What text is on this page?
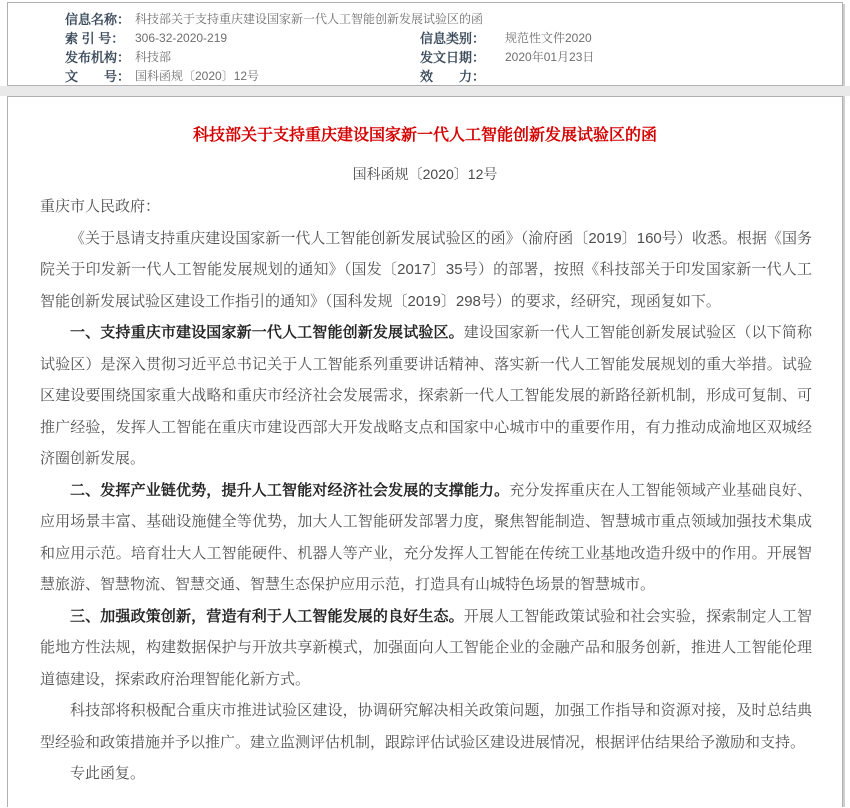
信息名称： 科技部关于支持重庆建设国家新一代人工智能创新发展试验区的函
索 引 号： 306-32-2020-219	信息类别：	规范性文件2020
发布机构： 科技部	发文日期：	2020年01月23日
文　　号： 国科函规〔2020〕12号	效　　力：
科技部关于支持重庆建设国家新一代人工智能创新发展试验区的函
国科函规〔2020〕12号

重庆市人民政府：

《关于恳请支持重庆建设国家新一代人工智能创新发展试验区的函》（渝府函〔2019〕160号）收悉。根据《国务院关于印发新一代人工智能发展规划的通知》（国发〔2017〕35号）的部署，按照《科技部关于印发国家新一代人工智能创新发展试验区建设工作指引的通知》（国科发规〔2019〕298号）的要求，经研究，现函复如下。

一、支持重庆市建设国家新一代人工智能创新发展试验区。建设国家新一代人工智能创新发展试验区（以下简称试验区）是深入贯彻习近平总书记关于人工智能系列重要讲话精神、落实新一代人工智能发展规划的重大举措。试验区建设要围绕国家重大战略和重庆市经济社会发展需求，探索新一代人工智能发展的新路径新机制，形成可复制、可推广经验，发挥人工智能在重庆市建设西部大开发战略支点和国家中心城市中的重要作用，有力推动成渝地区双城经济圈创新发展。

二、发挥产业链优势，提升人工智能对经济社会发展的支撑能力。充分发挥重庆在人工智能领域产业基础良好、应用场景丰富、基础设施健全等优势，加大人工智能研发部署力度，聚焦智能制造、智慧城市重点领域加强技术集成和应用示范。培育壮大人工智能硬件、机器人等产业，充分发挥人工智能在传统工业基地改造升级中的作用。开展智慧旅游、智慧物流、智慧交通、智慧生态保护应用示范，打造具有山城特色场景的智慧城市。

三、加强政策创新，营造有利于人工智能发展的良好生态。开展人工智能政策试验和社会实验，探索制定人工智能地方性法规，构建数据保护与开放共享新模式，加强面向人工智能企业的金融产品和服务创新，推进人工智能伦理道德建设，探索政府治理智能化新方式。

科技部将积极配合重庆市推进试验区建设，协调研究解决相关政策问题，加强工作指导和资源对接，及时总结典型经验和政策措施并予以推广。建立监测评估机制，跟踪评估试验区建设进展情况，根据评估结果给予激励和支持。

专此函复。
